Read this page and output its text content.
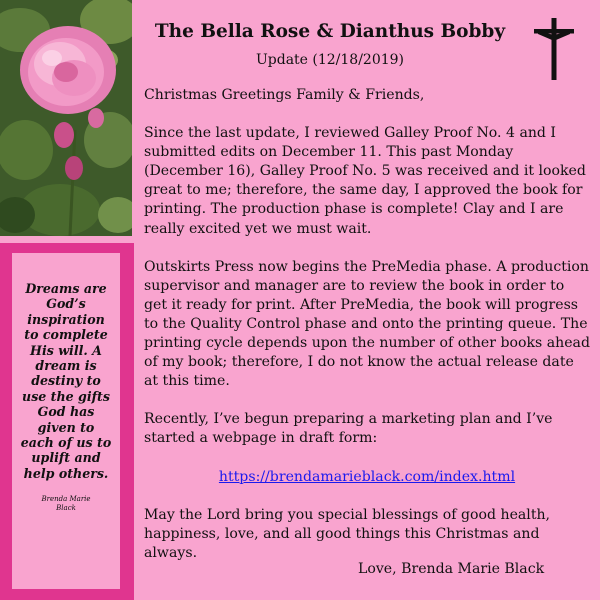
Dreams are God’s inspiration to complete His will. A dream is destiny to use the gifts God has given to each of us to uplift and help others.
Brenda Marie Black
The Bella Rose & Dianthus Bobby
Update (12/18/2019)

Christmas Greetings Family & Friends,

Since the last update, I reviewed Galley Proof No. 4 and I submitted edits on December 11. This past Monday (December 16), Galley Proof No. 5 was received and it looked great to me; therefore, the same day, I approved the book for printing. The production phase is complete! Clay and I are really excited yet we must wait.

Outskirts Press now begins the PreMedia phase. A production supervisor and manager are to review the book in order to get it ready for print. After PreMedia, the book will progress to the Quality Control phase and onto the printing queue. The printing cycle depends upon the number of other books ahead of my book; therefore, I do not know the actual release date at this time.

Recently, I’ve begun preparing a marketing plan and I’ve started a webpage in draft form:

https://brendamarieblack.com/index.html

May the Lord bring you special blessings of good health, happiness, love, and all good things this Christmas and always.

Love, Brenda Marie Black
